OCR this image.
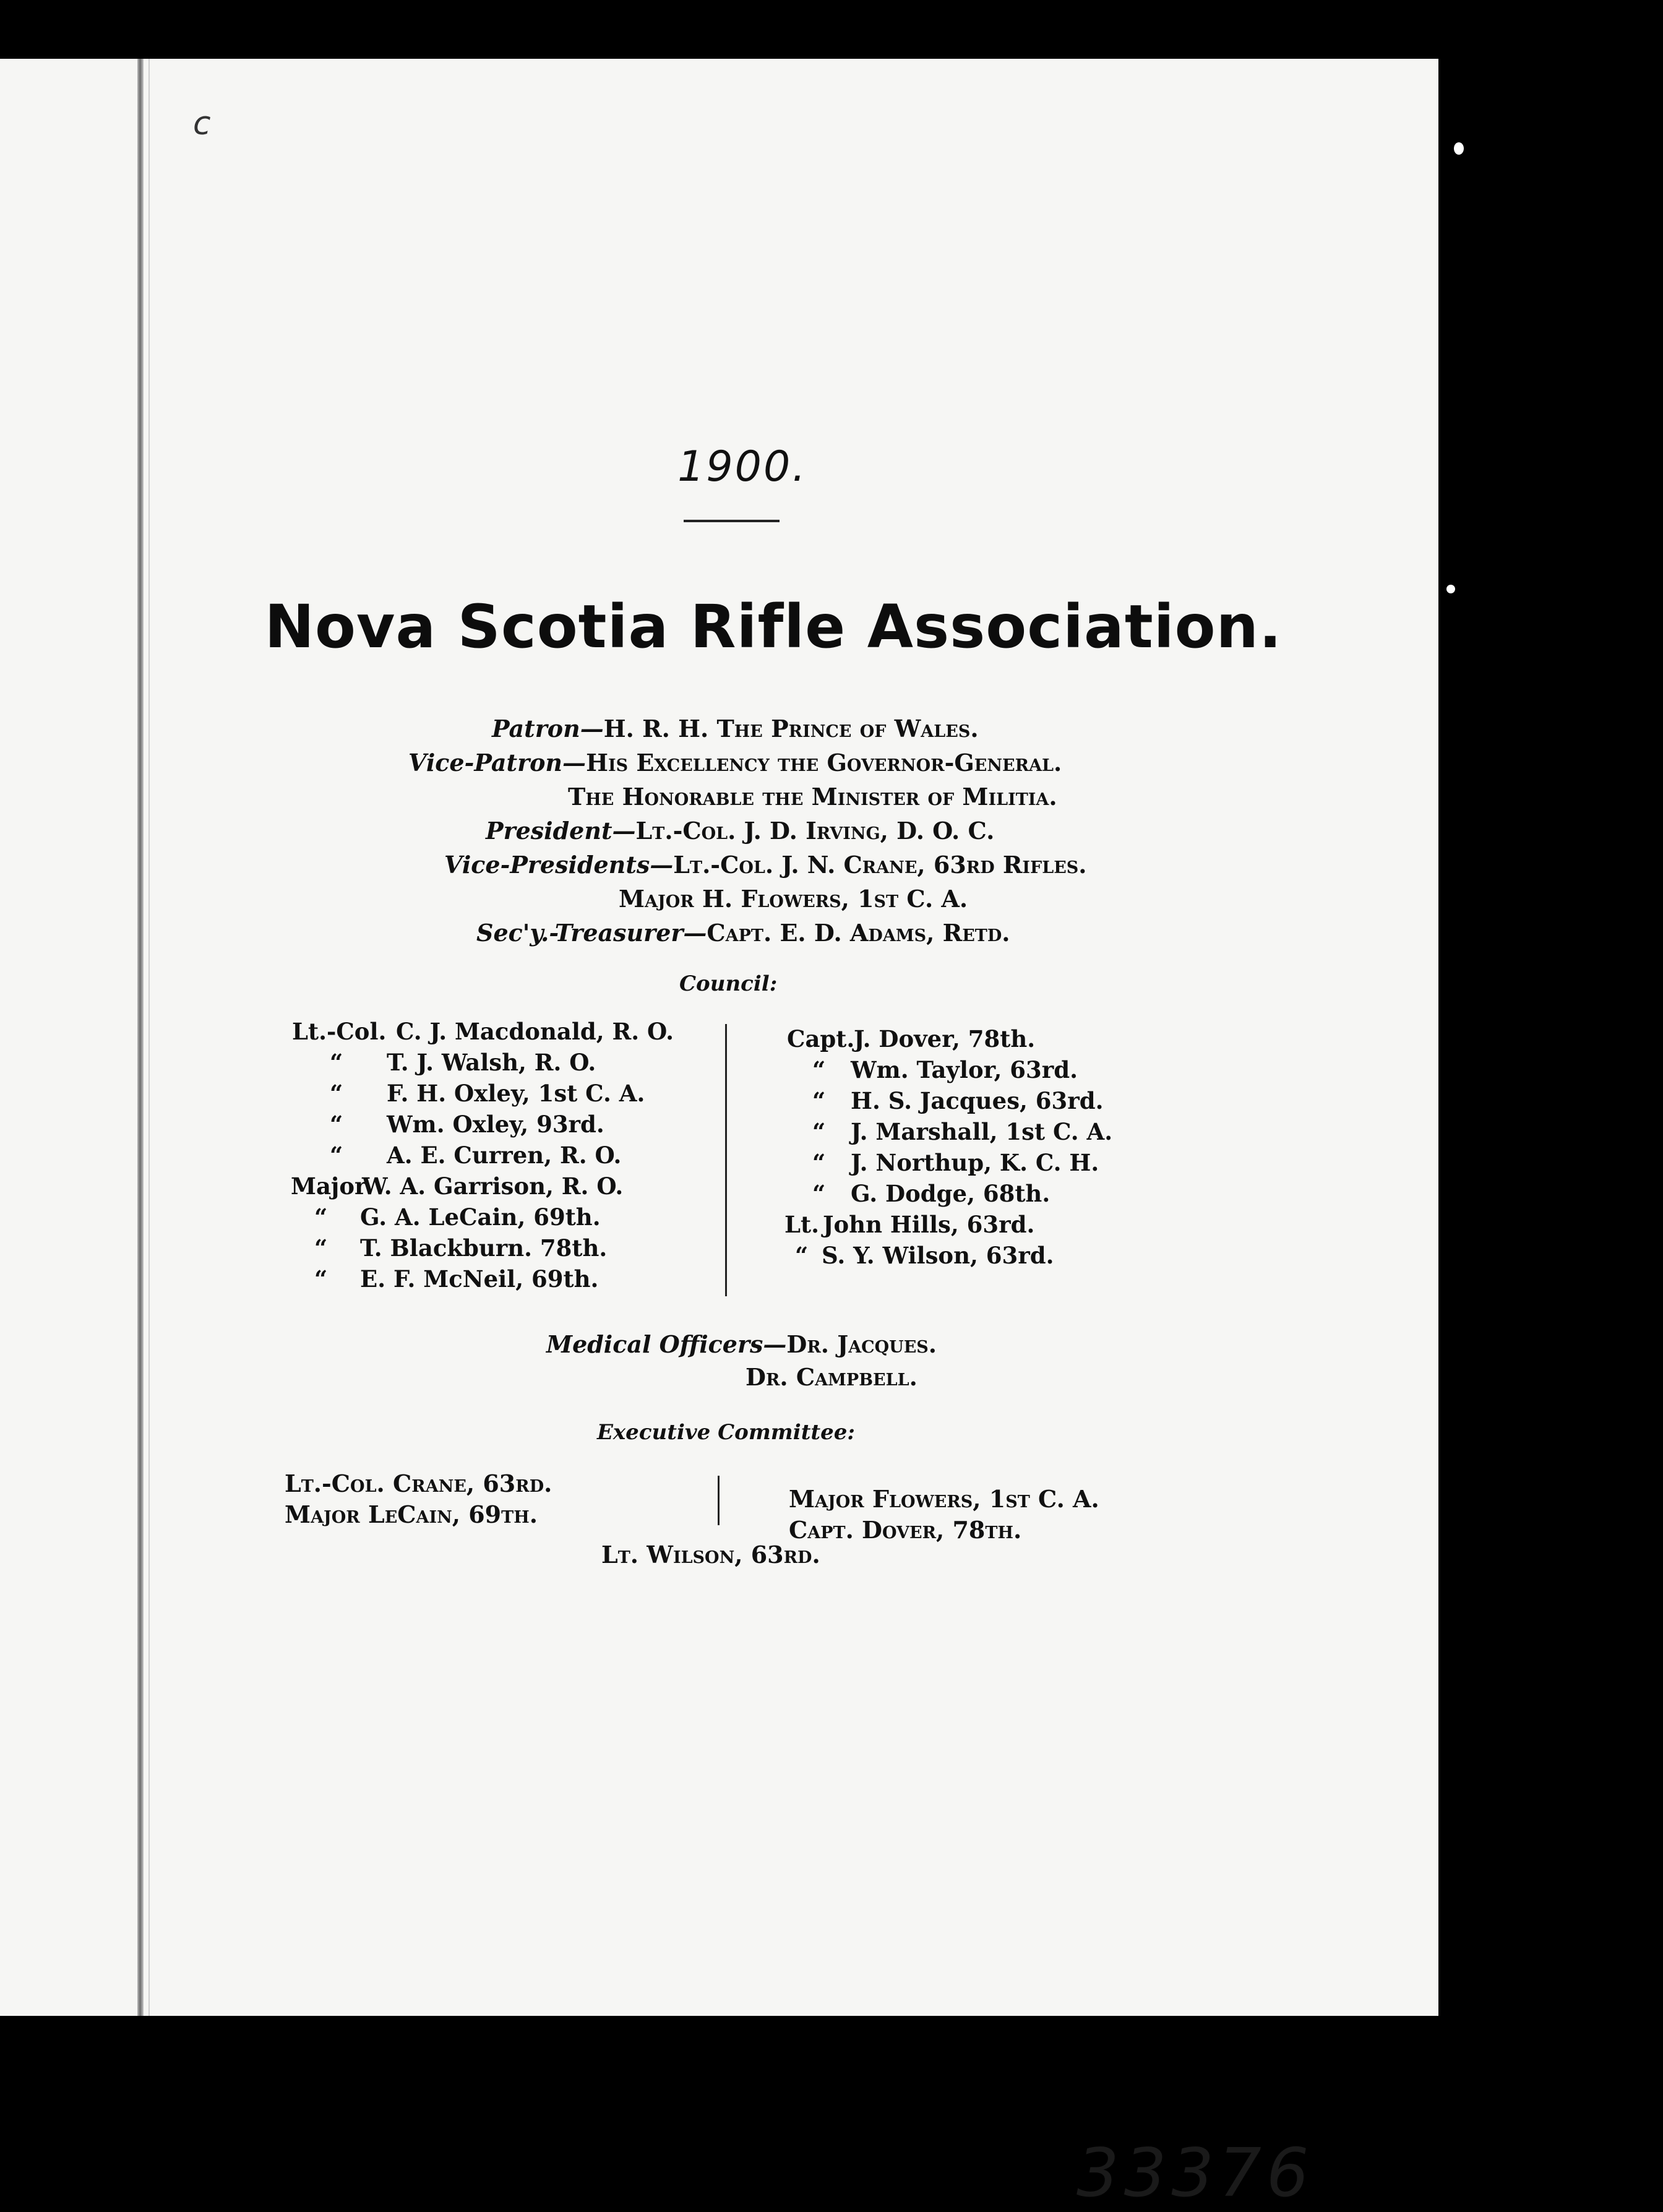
c
1900.
Nova Scotia Rifle Association.
Patron—H. R. H. The Prince of Wales.
Vice-Patron—His Excellency the Governor-General.
The Honorable the Minister of Militia.
President—Lt.-Col. J. D. Irving, D. O. C.
Vice-Presidents—Lt.-Col. J. N. Crane, 63rd Rifles.
Major H. Flowers, 1st C. A.
Sec'y.-Treasurer—Capt. E. D. Adams, Retd.
Council:
Lt.-Col. C. J. Macdonald, R. O.
“ T. J. Walsh, R. O.
“ F. H. Oxley, 1st C. A.
“ Wm. Oxley, 93rd.
“ A. E. Curren, R. O.
Major
W. A. Garrison, R. O.
“ G. A. LeCain, 69th.
“ T. Blackburn. 78th.
“ E. F. McNeil, 69th.
Capt.
J. Dover, 78th.
“ Wm. Taylor, 63rd.
“ H. S. Jacques, 63rd.
“ J. Marshall, 1st C. A.
“ J. Northup, K. C. H.
“ G. Dodge, 68th.
Lt. John Hills, 63rd.
“ S. Y. Wilson, 63rd.
Medical Officers—Dr. Jacques.
Dr. Campbell.
Executive Committee:
Lt.-Col. Crane, 63rd.
Major LeCain, 69th.
Major Flowers, 1st C. A.
Capt. Dover, 78th.
Lt. Wilson, 63rd.
33376
